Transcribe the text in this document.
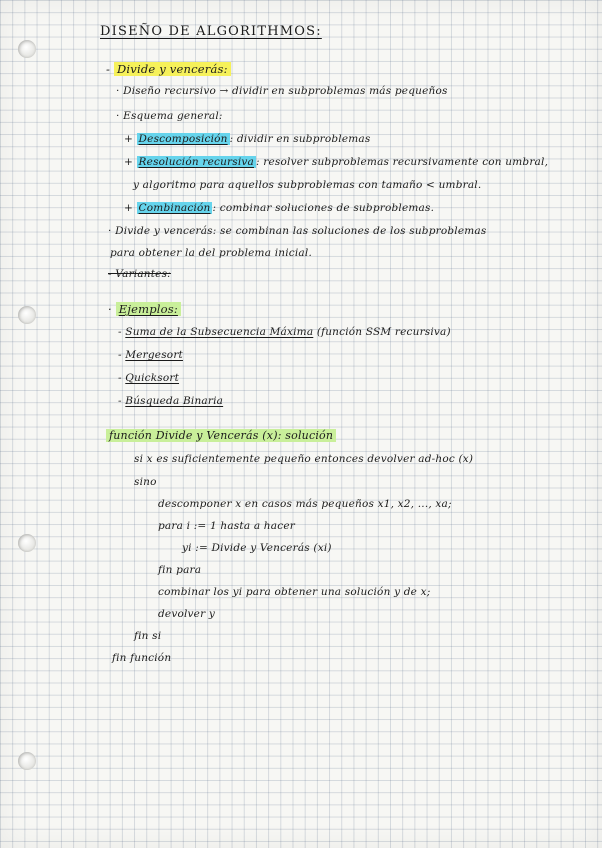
DISEÑO DE ALGORITHMOS:
- Divide y vencerás:
· Diseño recursivo → dividir en subproblemas más pequeños
· Esquema general:
+ Descomposición : dividir en subproblemas
+ Resolución recursiva : resolver subproblemas recursivamente con umbral,
y algoritmo para aquellos subproblemas con tamaño < umbral.
+ Combinación : combinar soluciones de subproblemas.
· Divide y vencerás: se combinan las soluciones de los subproblemas
para obtener la del problema inicial.
- Variantes:
· Ejemplos:
- Suma de la Subsecuencia Máxima (función SSM recursiva)
- Mergesort
- Quicksort
- Búsqueda Binaria
función Divide y Vencerás (x): solución
si x es suficientemente pequeño entonces devolver ad-hoc (x)
sino
descomponer x en casos más pequeños x1, x2, ..., xa;
para i := 1 hasta a hacer
yi := Divide y Vencerás (xi)
fin para
combinar los yi para obtener una solución y de x;
devolver y
fin si
fin función
